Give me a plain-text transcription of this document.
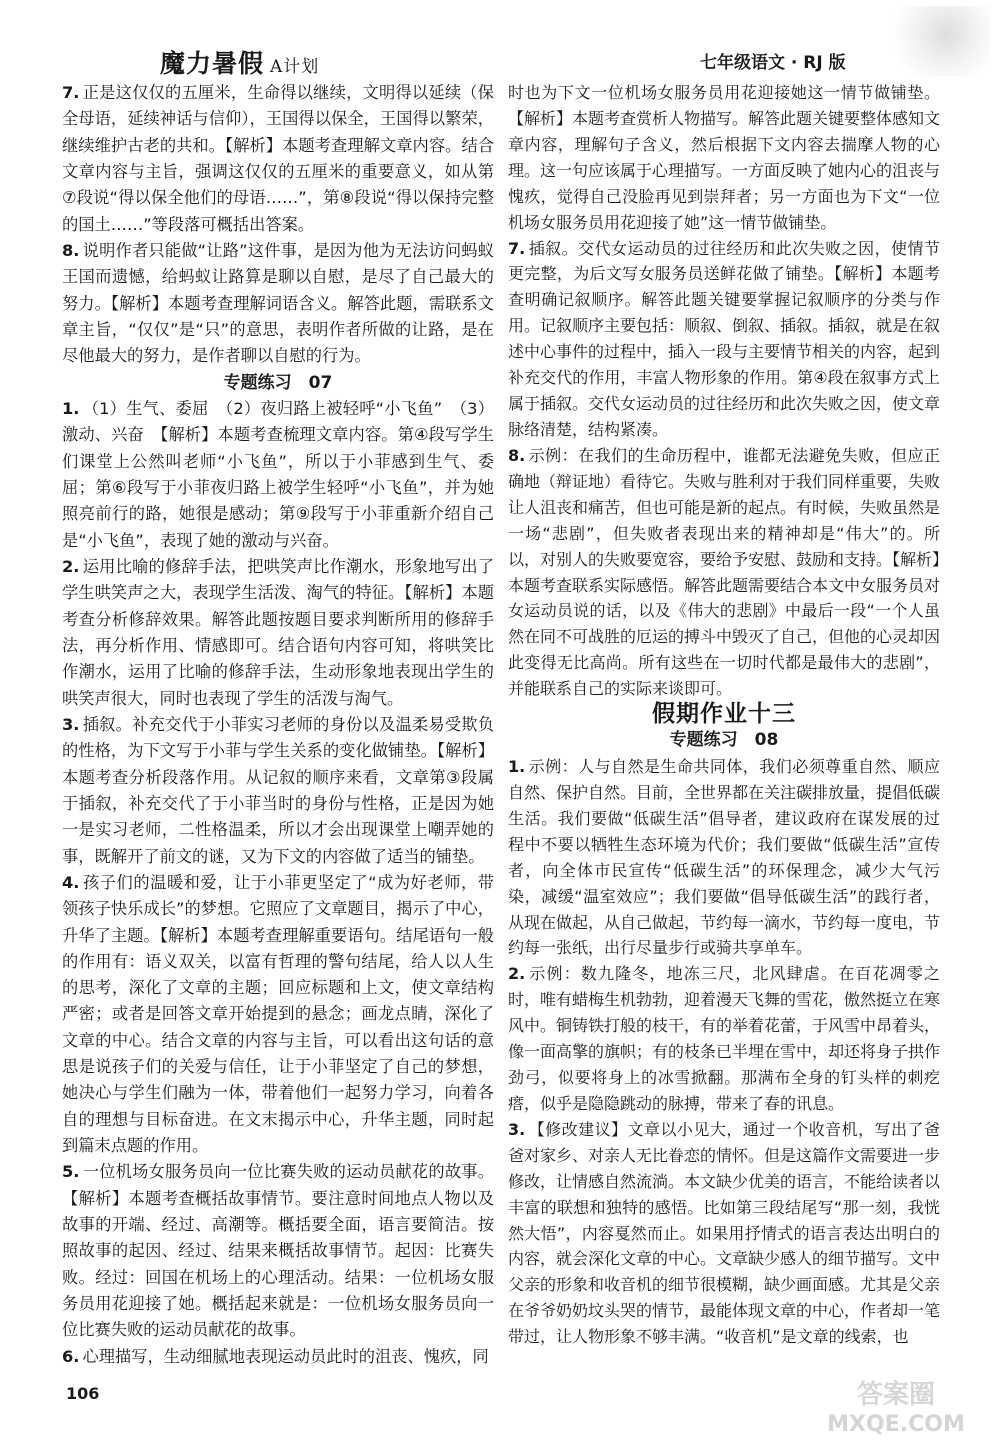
魔力暑假 A计划	七年级语文 · RJ 版

7. 正是这仅仅的五厘米，生命得以继续，文明得以延续（保全母语，延续神话与信仰），王国得以保全，王国得以繁荣，继续维护古老的共和。【解析】本题考查理解文章内容。结合文章内容与主旨，强调这仅仅的五厘米的重要意义，如从第⑦段说“得以保全他们的母语……”，第⑧段说“得以保持完整的国土……”等段落可概括出答案。

8. 说明作者只能做“让路”这件事，是因为他为无法访问蚂蚁王国而遗憾，给蚂蚁让路算是聊以自慰，是尽了自己最大的努力。【解析】本题考查理解词语含义。解答此题，需联系文章主旨，“仅仅”是“只”的意思，表明作者所做的让路，是在尽他最大的努力，是作者聊以自慰的行为。

专题练习　07

1. （1）生气、委屈　（2）夜归路上被轻呼“小飞鱼”　（3）激动、兴奋　【解析】本题考查梳理文章内容。第④段写学生们课堂上公然叫老师“小飞鱼”，所以于小菲感到生气、委屈；第⑥段写于小菲夜归路上被学生轻呼“小飞鱼”，并为她照亮前行的路，她很是感动；第⑨段写于小菲重新介绍自己是“小飞鱼”，表现了她的激动与兴奋。

2. 运用比喻的修辞手法，把哄笑声比作潮水，形象地写出了学生哄笑声之大，表现学生活泼、淘气的特征。【解析】本题考查分析修辞效果。解答此题按题目要求判断所用的修辞手法，再分析作用、情感即可。结合语句内容可知，将哄笑比作潮水，运用了比喻的修辞手法，生动形象地表现出学生的哄笑声很大，同时也表现了学生的活泼与淘气。

3. 插叙。补充交代于小菲实习老师的身份以及温柔易受欺负的性格，为下文写于小菲与学生关系的变化做铺垫。【解析】本题考查分析段落作用。从记叙的顺序来看，文章第③段属于插叙，补充交代了于小菲当时的身份与性格，正是因为她一是实习老师，二性格温柔，所以才会出现课堂上嘲弄她的事，既解开了前文的谜，又为下文的内容做了适当的铺垫。

4. 孩子们的温暖和爱，让于小菲更坚定了“成为好老师，带领孩子快乐成长”的梦想。它照应了文章题目，揭示了中心，升华了主题。【解析】本题考查理解重要语句。结尾语句一般的作用有：语义双关，以富有哲理的警句结尾，给人以人生的思考，深化了文章的主题；回应标题和上文，使文章结构严密；或者是回答文章开始提到的悬念；画龙点睛，深化了文章的中心。结合文章的内容与主旨，可以看出这句话的意思是说孩子们的关爱与信任，让于小菲坚定了自己的梦想，她决心与学生们融为一体，带着他们一起努力学习，向着各自的理想与目标奋进。在文末揭示中心，升华主题，同时起到篇末点题的作用。

5. 一位机场女服务员向一位比赛失败的运动员献花的故事。【解析】本题考查概括故事情节。要注意时间地点人物以及故事的开端、经过、高潮等。概括要全面，语言要简洁。按照故事的起因、经过、结果来概括故事情节。起因：比赛失败。经过：回国在机场上的心理活动。结果：一位机场女服务员用花迎接了她。概括起来就是：一位机场女服务员向一位比赛失败的运动员献花的故事。

6. 心理描写，生动细腻地表现运动员此时的沮丧、愧疚，同

时也为下文一位机场女服务员用花迎接她这一情节做铺垫。【解析】本题考查赏析人物描写。解答此题关键要整体感知文章内容，理解句子含义，然后根据下文内容去揣摩人物的心理。这一句应该属于心理描写。一方面反映了她内心的沮丧与愧疚，觉得自己没脸再见到崇拜者；另一方面也为下文“一位机场女服务员用花迎接了她”这一情节做铺垫。

7. 插叙。交代女运动员的过往经历和此次失败之因，使情节更完整，为后文写女服务员送鲜花做了铺垫。【解析】本题考查明确记叙顺序。解答此题关键要掌握记叙顺序的分类与作用。记叙顺序主要包括：顺叙、倒叙、插叙。插叙，就是在叙述中心事件的过程中，插入一段与主要情节相关的内容，起到补充交代的作用，丰富人物形象的作用。第④段在叙事方式上属于插叙。交代女运动员的过往经历和此次失败之因，使文章脉络清楚，结构紧凑。

8. 示例：在我们的生命历程中，谁都无法避免失败，但应正确地（辩证地）看待它。失败与胜利对于我们同样重要，失败让人沮丧和痛苦，但也可能是新的起点。有时候，失败虽然是一场“悲剧”，但失败者表现出来的精神却是“伟大”的。所以，对别人的失败要宽容，要给予安慰、鼓励和支持。【解析】本题考查联系实际感悟。解答此题需要结合本文中女服务员对女运动员说的话，以及《伟大的悲剧》中最后一段“一个人虽然在同不可战胜的厄运的搏斗中毁灭了自己，但他的心灵却因此变得无比高尚。所有这些在一切时代都是最伟大的悲剧”，并能联系自己的实际来谈即可。

假期作业十三

专题练习　08

1. 示例：人与自然是生命共同体，我们必须尊重自然、顺应自然、保护自然。目前，全世界都在关注碳排放量，提倡低碳生活。我们要做“低碳生活”倡导者，建议政府在谋发展的过程中不要以牺牲生态环境为代价；我们要做“低碳生活”宣传者，向全体市民宣传“低碳生活”的环保理念，减少大气污染，减缓“温室效应”；我们要做“倡导低碳生活”的践行者，从现在做起，从自己做起，节约每一滴水，节约每一度电，节约每一张纸，出行尽量步行或骑共享单车。

2. 示例：数九隆冬，地冻三尺，北风肆虐。在百花凋零之时，唯有蜡梅生机勃勃，迎着漫天飞舞的雪花，傲然挺立在寒风中。铜铸铁打般的枝干，有的举着花蕾，于风雪中昂着头，像一面高擎的旗帜；有的枝条已半埋在雪中，却还将身子拱作劲弓，似要将身上的冰雪掀翻。那满布全身的钉头样的刺疙瘩，似乎是隐隐跳动的脉搏，带来了春的讯息。

3. 【修改建议】文章以小见大，通过一个收音机，写出了爸爸对家乡、对亲人无比眷恋的情怀。但是这篇作文需要进一步修改，让情感自然流淌。本文缺少优美的语言，不能给读者以丰富的联想和独特的感悟。比如第三段结尾写“那一刻，我恍然大悟”，内容戛然而止。如果用抒情式的语言表达出明白的内容，就会深化文章的中心。文章缺少感人的细节描写。文中父亲的形象和收音机的细节很模糊，缺少画面感。尤其是父亲在爷爷奶奶坟头哭的情节，最能体现文章的中心，作者却一笔带过，让人物形象不够丰满。“收音机”是文章的线索，也

106	答案圈
MXQE.COM
